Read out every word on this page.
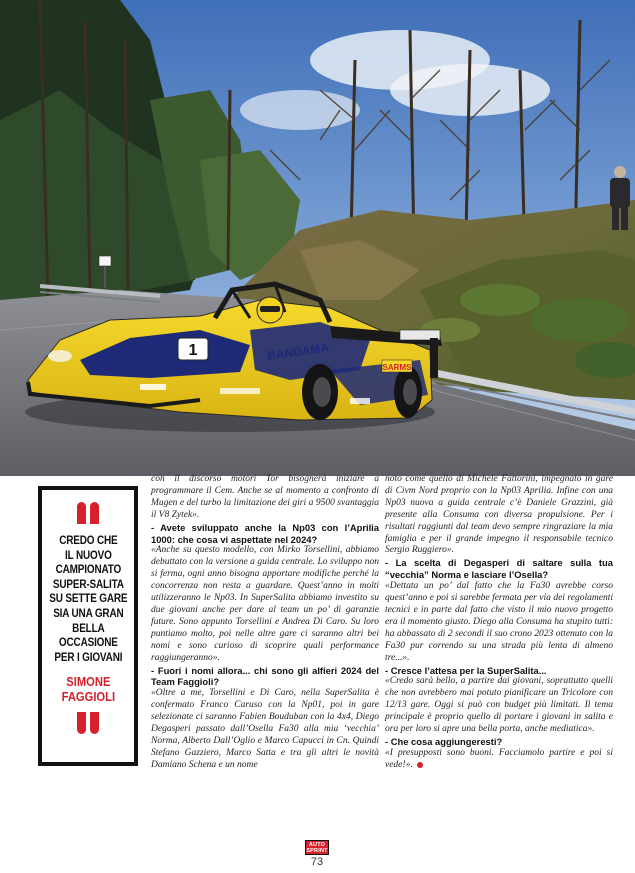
1	BANDAMA
SARMS
CREDO CHE
IL NUOVO
CAMPIONATO
SUPER-SALITA
SU SETTE GARE
SIA UNA GRAN
BELLA
OCCASIONE
PER I GIOVANI
SIMONE
FAGGIOLI

con il discorso motori Tor bisognerà iniziare a programmare il Cem. Anche se al momento a confronto di Mugen e del turbo la limitazione dei giri a 9500 svantaggia il V8 Zytek».

- Avete sviluppato anche la Np03 con l’Aprilia 1000: che cosa vi aspettate nel 2024?

«Anche su questo modello, con Mirko Torsellini, abbiamo debuttato con la versione a guida centrale. Lo sviluppo non si ferma, ogni anno bisogna apportare modifiche perché la concorrenza non resta a guardare. Quest’anno in molti utilizzeranno le Np03. In SuperSalita abbiamo investito su due giovani anche per dare al team un po’ di garanzie future. Sono appunto Torsellini e Andrea Di Caro. Su loro puntiamo molto, poi nelle altre gare ci saranno altri bei nomi e sono curioso di scoprire quali performance raggiungeranno».

- Fuori i nomi allora... chi sono gli alfieri 2024 del Team Faggioli?

«Oltre a me, Torsellini e Di Caro, nella SuperSalita è confermato Franco Caruso con la Np01, poi in gare selezionate ci saranno Fabien Bouduban con la 4x4, Diego Degasperi passato dall’Osella Fa30 alla mia ‘vecchia’ Norma, Alberto Dall’Oglio e Marco Capucci in Cn. Quindi Stefano Gazziero, Marco Satta e tra gli altri le novità Damiano Schena e un nome

noto come quello di Michele Fattorini, impegnato in gare di Civm Nord proprio con la Np03 Aprilia. Infine con una Np03 nuova a guida centrale c’è Daniele Grazzini, già presente alla Consuma con diversa propulsione. Per i risultati raggiunti dal team devo sempre ringraziare la mia famiglia e per il grande impegno il responsabile tecnico Sergio Ruggiero».

- La scelta di Degasperi di saltare sulla tua “vecchia” Norma e lasciare l’Osella?

«Dettata un po’ dal fatto che la Fa30 avrebbe corso quest’anno e poi si sarebbe fermata per via dei regolamenti tecnici e in parte dal fatto che visto il mio nuovo progetto era il momento giusto. Diego alla Consuma ha stupito tutti: ha abbassato di 2 secondi il suo crono 2023 ottenuto con la Fa30 pur correndo su una strada più lenta di almeno tre...».

- Cresce l’attesa per la SuperSalita...

«Credo sarà bello, a partire dai giovani, soprattutto quelli che non avrebbero mai potuto pianificare un Tricolore con 12/13 gare. Oggi si può con budget più limitati. Il tema principale è proprio quello di portare i giovani in salita e ora per loro si apre una bella porta, anche mediatica».

- Che cosa aggiungeresti?

«I presupposti sono buoni. Facciamolo partire e poi si vede!».

AUTO
SPRINT
73
